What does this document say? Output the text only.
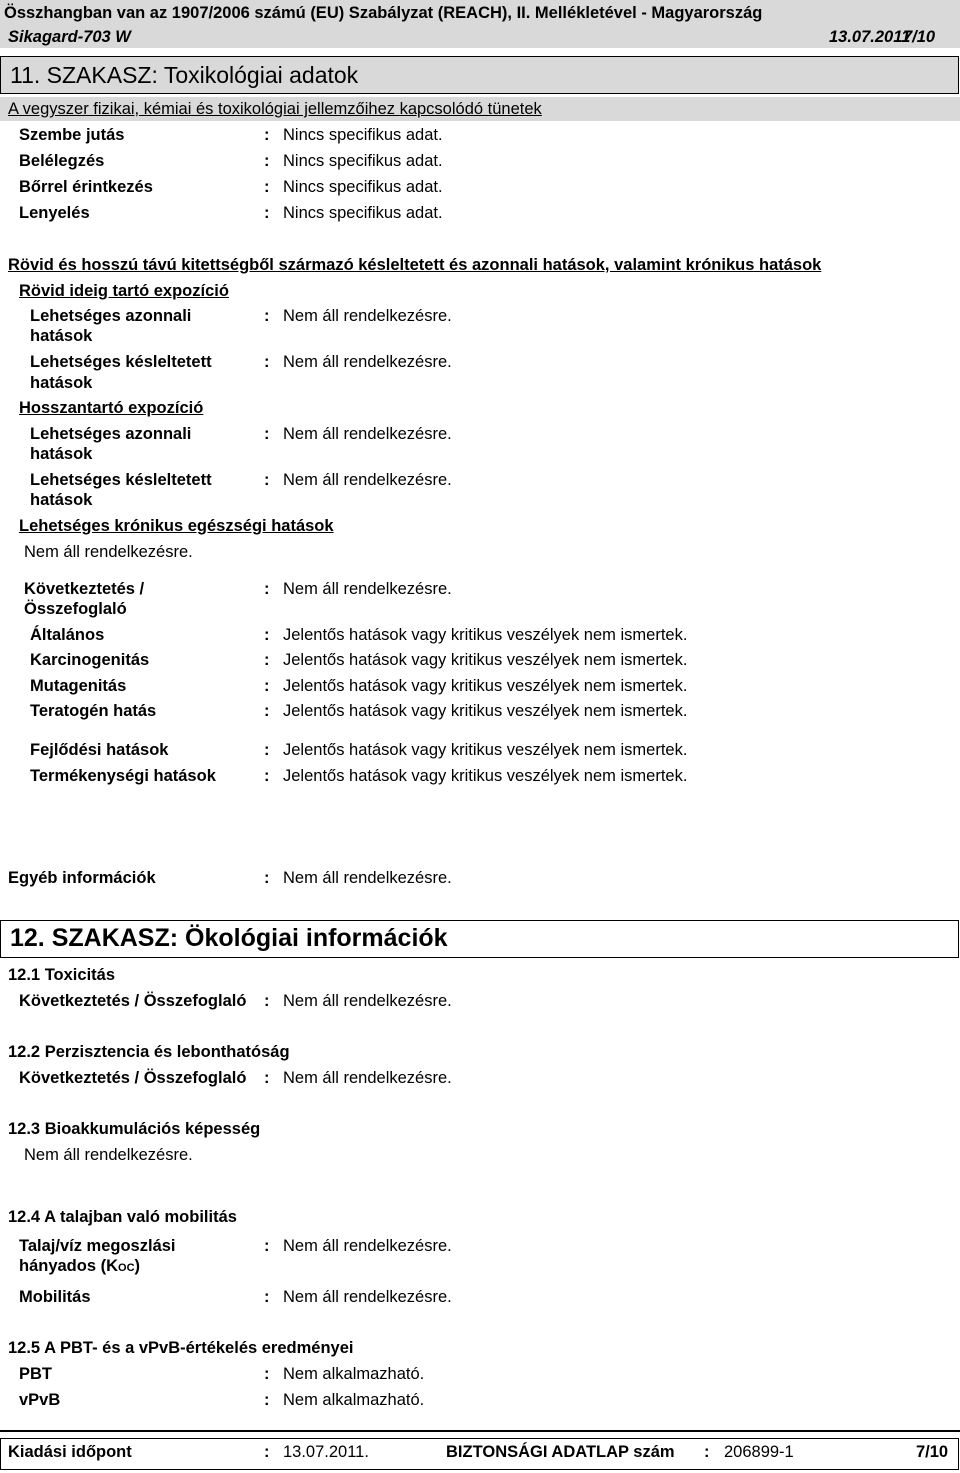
Összhangban van az 1907/2006 számú (EU) Szabályzat (REACH), II. Mellékletével - Magyarország
Sikagard-703 W	13.07.2011
7/10
11. SZAKASZ: Toxikológiai adatok
A vegyszer fizikai, kémiai és toxikológiai jellemzőihez kapcsolódó tünetek
Szembe jutás	: Nincs specifikus adat.
Belélegzés	: Nincs specifikus adat.
Bőrrel érintkezés	: Nincs specifikus adat.
Lenyelés	: Nincs specifikus adat.
Rövid és hosszú távú kitettségből származó késleltetett és azonnali hatások, valamint krónikus hatások
Rövid ideig tartó expozíció
Lehetséges azonnali
hatások
: Nem áll rendelkezésre.
Lehetséges késleltetett
hatások
: Nem áll rendelkezésre.
Hosszantartó expozíció
Lehetséges azonnali
hatások
: Nem áll rendelkezésre.
Lehetséges késleltetett
hatások
: Nem áll rendelkezésre.
Lehetséges krónikus egészségi hatások
Nem áll rendelkezésre.
Következtetés /
Összefoglaló
: Nem áll rendelkezésre.
Általános	: Jelentős hatások vagy kritikus veszélyek nem ismertek.
Karcinogenitás	: Jelentős hatások vagy kritikus veszélyek nem ismertek.
Mutagenitás	: Jelentős hatások vagy kritikus veszélyek nem ismertek.
Teratogén hatás	: Jelentős hatások vagy kritikus veszélyek nem ismertek.
Fejlődési hatások	: Jelentős hatások vagy kritikus veszélyek nem ismertek.
Termékenységi hatások	: Jelentős hatások vagy kritikus veszélyek nem ismertek.
Egyéb információk	: Nem áll rendelkezésre.
12. SZAKASZ: Ökológiai információk
12.1 Toxicitás
Következtetés / Összefoglaló : Nem áll rendelkezésre.
12.2 Perzisztencia és lebonthatóság
Következtetés / Összefoglaló : Nem áll rendelkezésre.
12.3 Bioakkumulációs képesség
Nem áll rendelkezésre.
12.4 A talajban való mobilitás
Talaj/víz megoszlási
hányados (KOC)
: Nem áll rendelkezésre.
Mobilitás	: Nem áll rendelkezésre.
12.5 A PBT- és a vPvB-értékelés eredményei
PBT	: Nem alkalmazható.
vPvB	: Nem alkalmazható.
Kiadási időpont	: 13.07.2011.	BIZTONSÁGI ADATLAP szám : 206899-1	7/10
